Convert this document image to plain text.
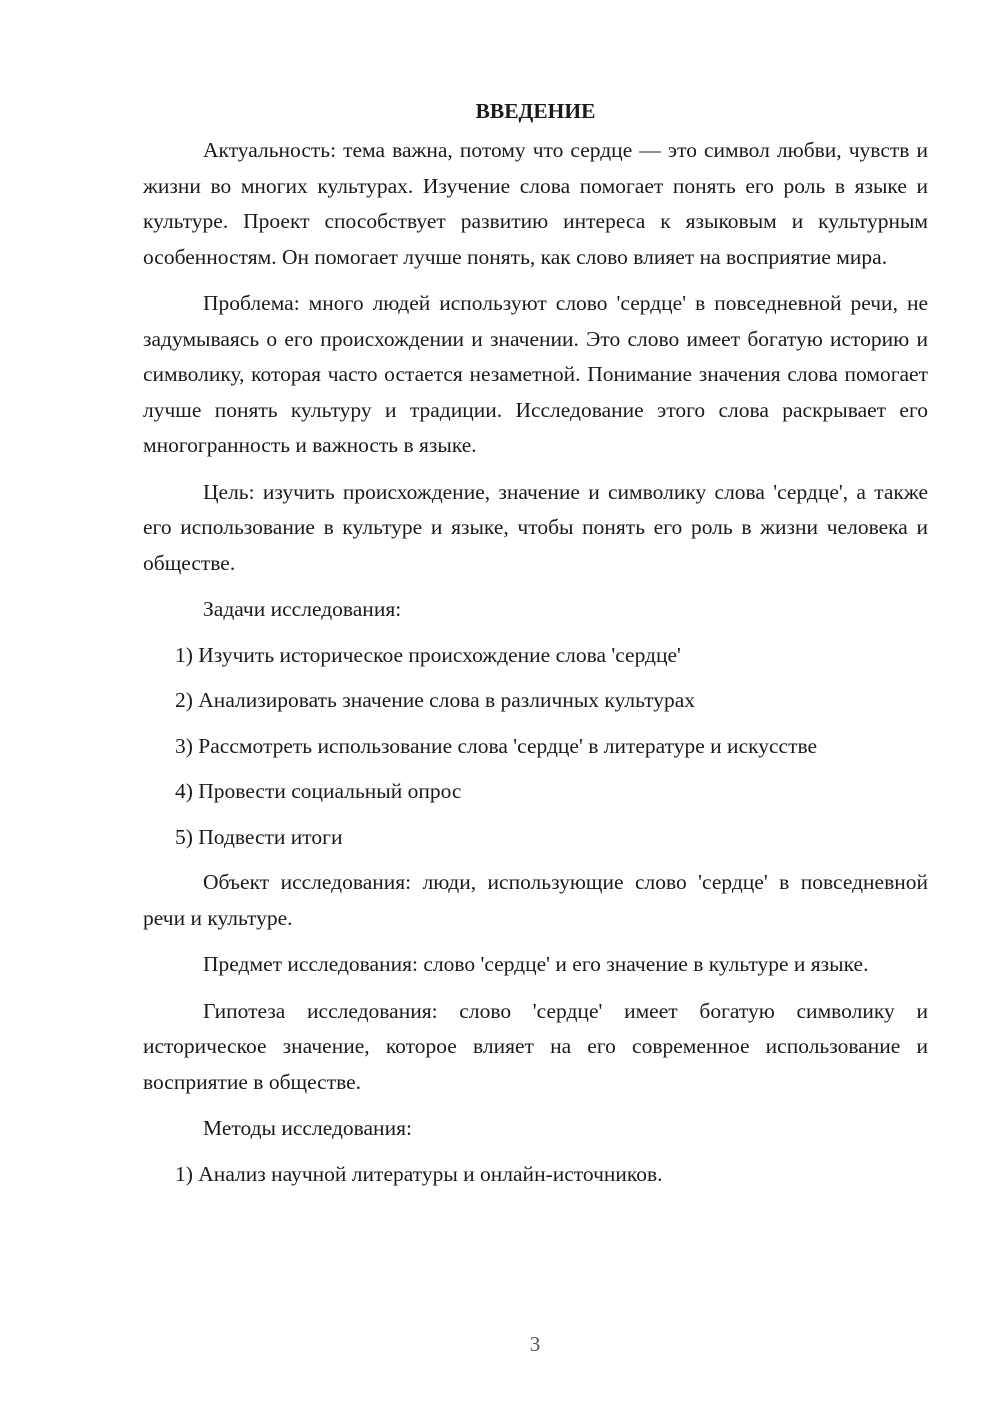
ВВЕДЕНИЕ

Актуальность: тема важна, потому что сердце — это символ любви, чувств и жизни во многих культурах. Изучение слова помогает понять его роль в языке и культуре. Проект способствует развитию интереса к языковым и культурным особенностям. Он помогает лучше понять, как слово влияет на восприятие мира.

Проблема: много людей используют слово 'сердце' в повседневной речи, не задумываясь о его происхождении и значении. Это слово имеет богатую историю и символику, которая часто остается незаметной. Понимание значения слова помогает лучше понять культуру и традиции. Исследование этого слова раскрывает его многогранность и важность в языке.

Цель: изучить происхождение, значение и символику слова 'сердце', а также его использование в культуре и языке, чтобы понять его роль в жизни человека и обществе.

Задачи исследования:

1) Изучить историческое происхождение слова 'сердце'

2) Анализировать значение слова в различных культурах

3) Рассмотреть использование слова 'сердце' в литературе и искусстве

4) Провести социальный опрос

5) Подвести итоги

Объект исследования: люди, использующие слово 'сердце' в повседневной речи и культуре.

Предмет исследования: слово 'сердце' и его значение в культуре и языке.

Гипотеза исследования: слово 'сердце' имеет богатую символику и историческое значение, которое влияет на его современное использование и восприятие в обществе.

Методы исследования:

1) Анализ научной литературы и онлайн-источников.

3
